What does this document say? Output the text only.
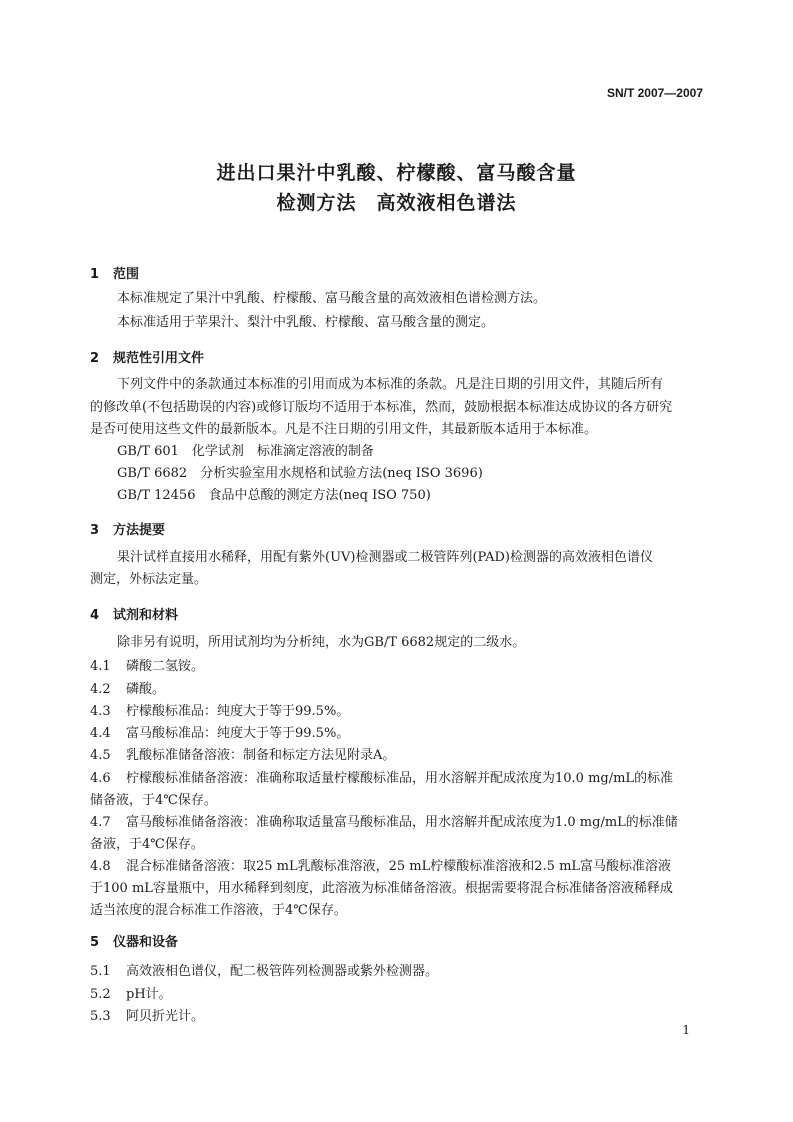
SN/T 2007—2007
进出口果汁中乳酸、柠檬酸、富马酸含量
检测方法　高效液相色谱法
1 范围
本标准规定了果汁中乳酸、柠檬酸、富马酸含量的高效液相色谱检测方法。
本标准适用于苹果汁、梨汁中乳酸、柠檬酸、富马酸含量的测定。
2 规范性引用文件
下列文件中的条款通过本标准的引用而成为本标准的条款。凡是注日期的引用文件，其随后所有
的修改单(不包括勘误的内容)或修订版均不适用于本标准，然而，鼓励根据本标准达成协议的各方研究
是否可使用这些文件的最新版本。凡是不注日期的引用文件，其最新版本适用于本标准。
GB/T 601　化学试剂　标准滴定溶液的制备
GB/T 6682　分析实验室用水规格和试验方法(neq ISO 3696)
GB/T 12456　食品中总酸的测定方法(neq ISO 750)
3 方法提要
果汁试样直接用水稀释，用配有紫外(UV)检测器或二极管阵列(PAD)检测器的高效液相色谱仪
测定，外标法定量。
4 试剂和材料
除非另有说明，所用试剂均为分析纯，水为GB/T 6682规定的二级水。
4.1 磷酸二氢铵。
4.2 磷酸。
4.3 柠檬酸标准品：纯度大于等于99.5%。
4.4 富马酸标准品：纯度大于等于99.5%。
4.5 乳酸标准储备溶液：制备和标定方法见附录A。
4.6 柠檬酸标准储备溶液：准确称取适量柠檬酸标准品，用水溶解并配成浓度为10.0 mg/mL的标准
储备液，于4℃保存。
4.7 富马酸标准储备溶液：准确称取适量富马酸标准品，用水溶解并配成浓度为1.0 mg/mL的标准储
备液，于4℃保存。
4.8 混合标准储备溶液：取25 mL乳酸标准溶液，25 mL柠檬酸标准溶液和2.5 mL富马酸标准溶液
于100 mL容量瓶中，用水稀释到刻度，此溶液为标准储备溶液。根据需要将混合标准储备溶液稀释成
适当浓度的混合标准工作溶液，于4℃保存。
5 仪器和设备
5.1 高效液相色谱仪，配二极管阵列检测器或紫外检测器。
5.2 pH计。
5.3 阿贝折光计。
1
